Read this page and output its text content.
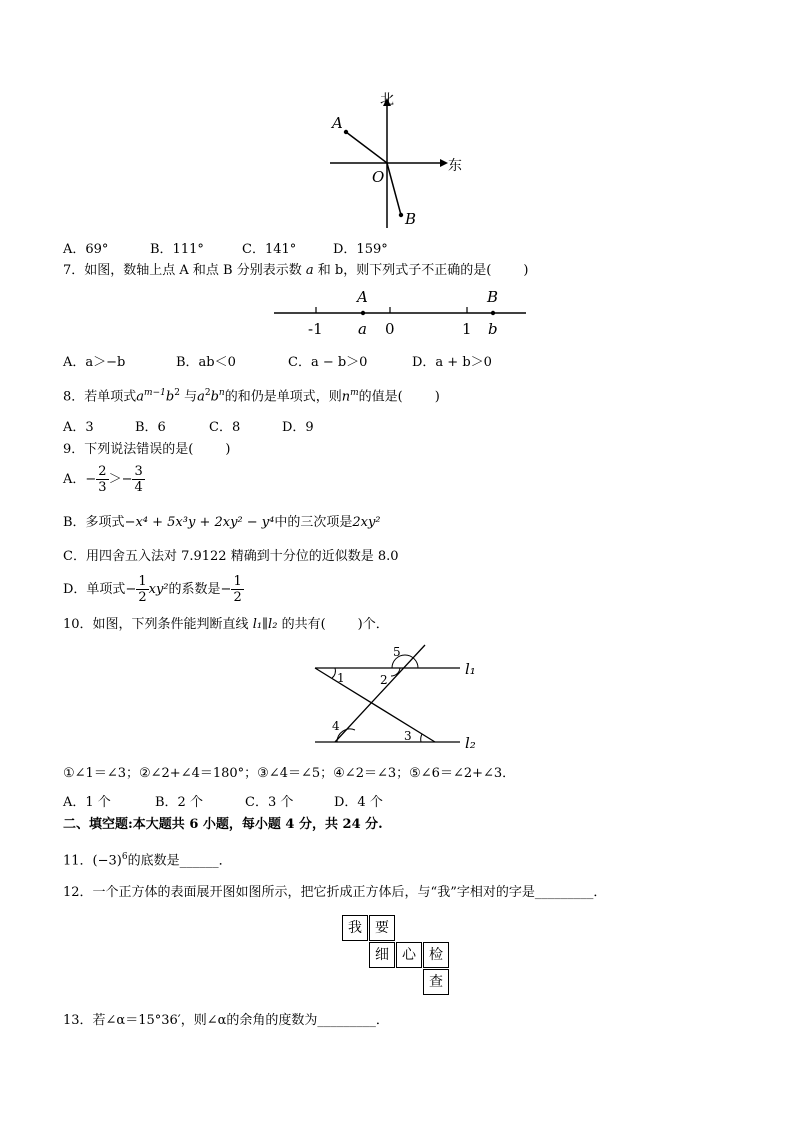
北
东
A
O
B
A．69°	B．111°	C．141°	D．159°
7．如图，数轴上点 A 和点 B 分别表示数 a 和 b，则下列式子不正确的是( )
A	B
-1 a 0	1 b
A．a＞−b	B．ab＜0	C．a − b＞0	D．a + b＞0
8．若单项式$a^{m-1}b^2$ 与$a^2b^n$的和仍是单项式，则$n^m$的值是( )
A．3	B．6	C．8	D．9
9．下列说法错误的是( )
A．− $\frac{2}{3} >- \frac{3}{4}$
B．多项式−x⁴ + 5x³y + 2xy² − y⁴中的三次项是2xy²
C．用四舍五入法对 7.9122 精确到十分位的近似数是 8.0
D．单项式− $\frac{1}{2} xy^2$的系数是− $\frac{1}{2}$
10．如图，下列条件能判断直线 l₁∥l₂ 的共有( )个．
1	2
3
4
5
l₁
l₂
①∠1＝∠3；②∠2+∠4＝180°；③∠4＝∠5；④∠2＝∠3；⑤∠6＝∠2+∠3．
A．1 个	B．2 个	C．3 个	D．4 个
二、填空题:本大题共 6 小题，每小题 4 分，共 24 分.
11．$(-3)^6$的底数是______．
12．一个正方体的表面展开图如图所示，把它折成正方体后，与“我”字相对的字是_________．
我 要
细 心 检
查
13．若∠α＝15°36′，则∠α的余角的度数为_________．
